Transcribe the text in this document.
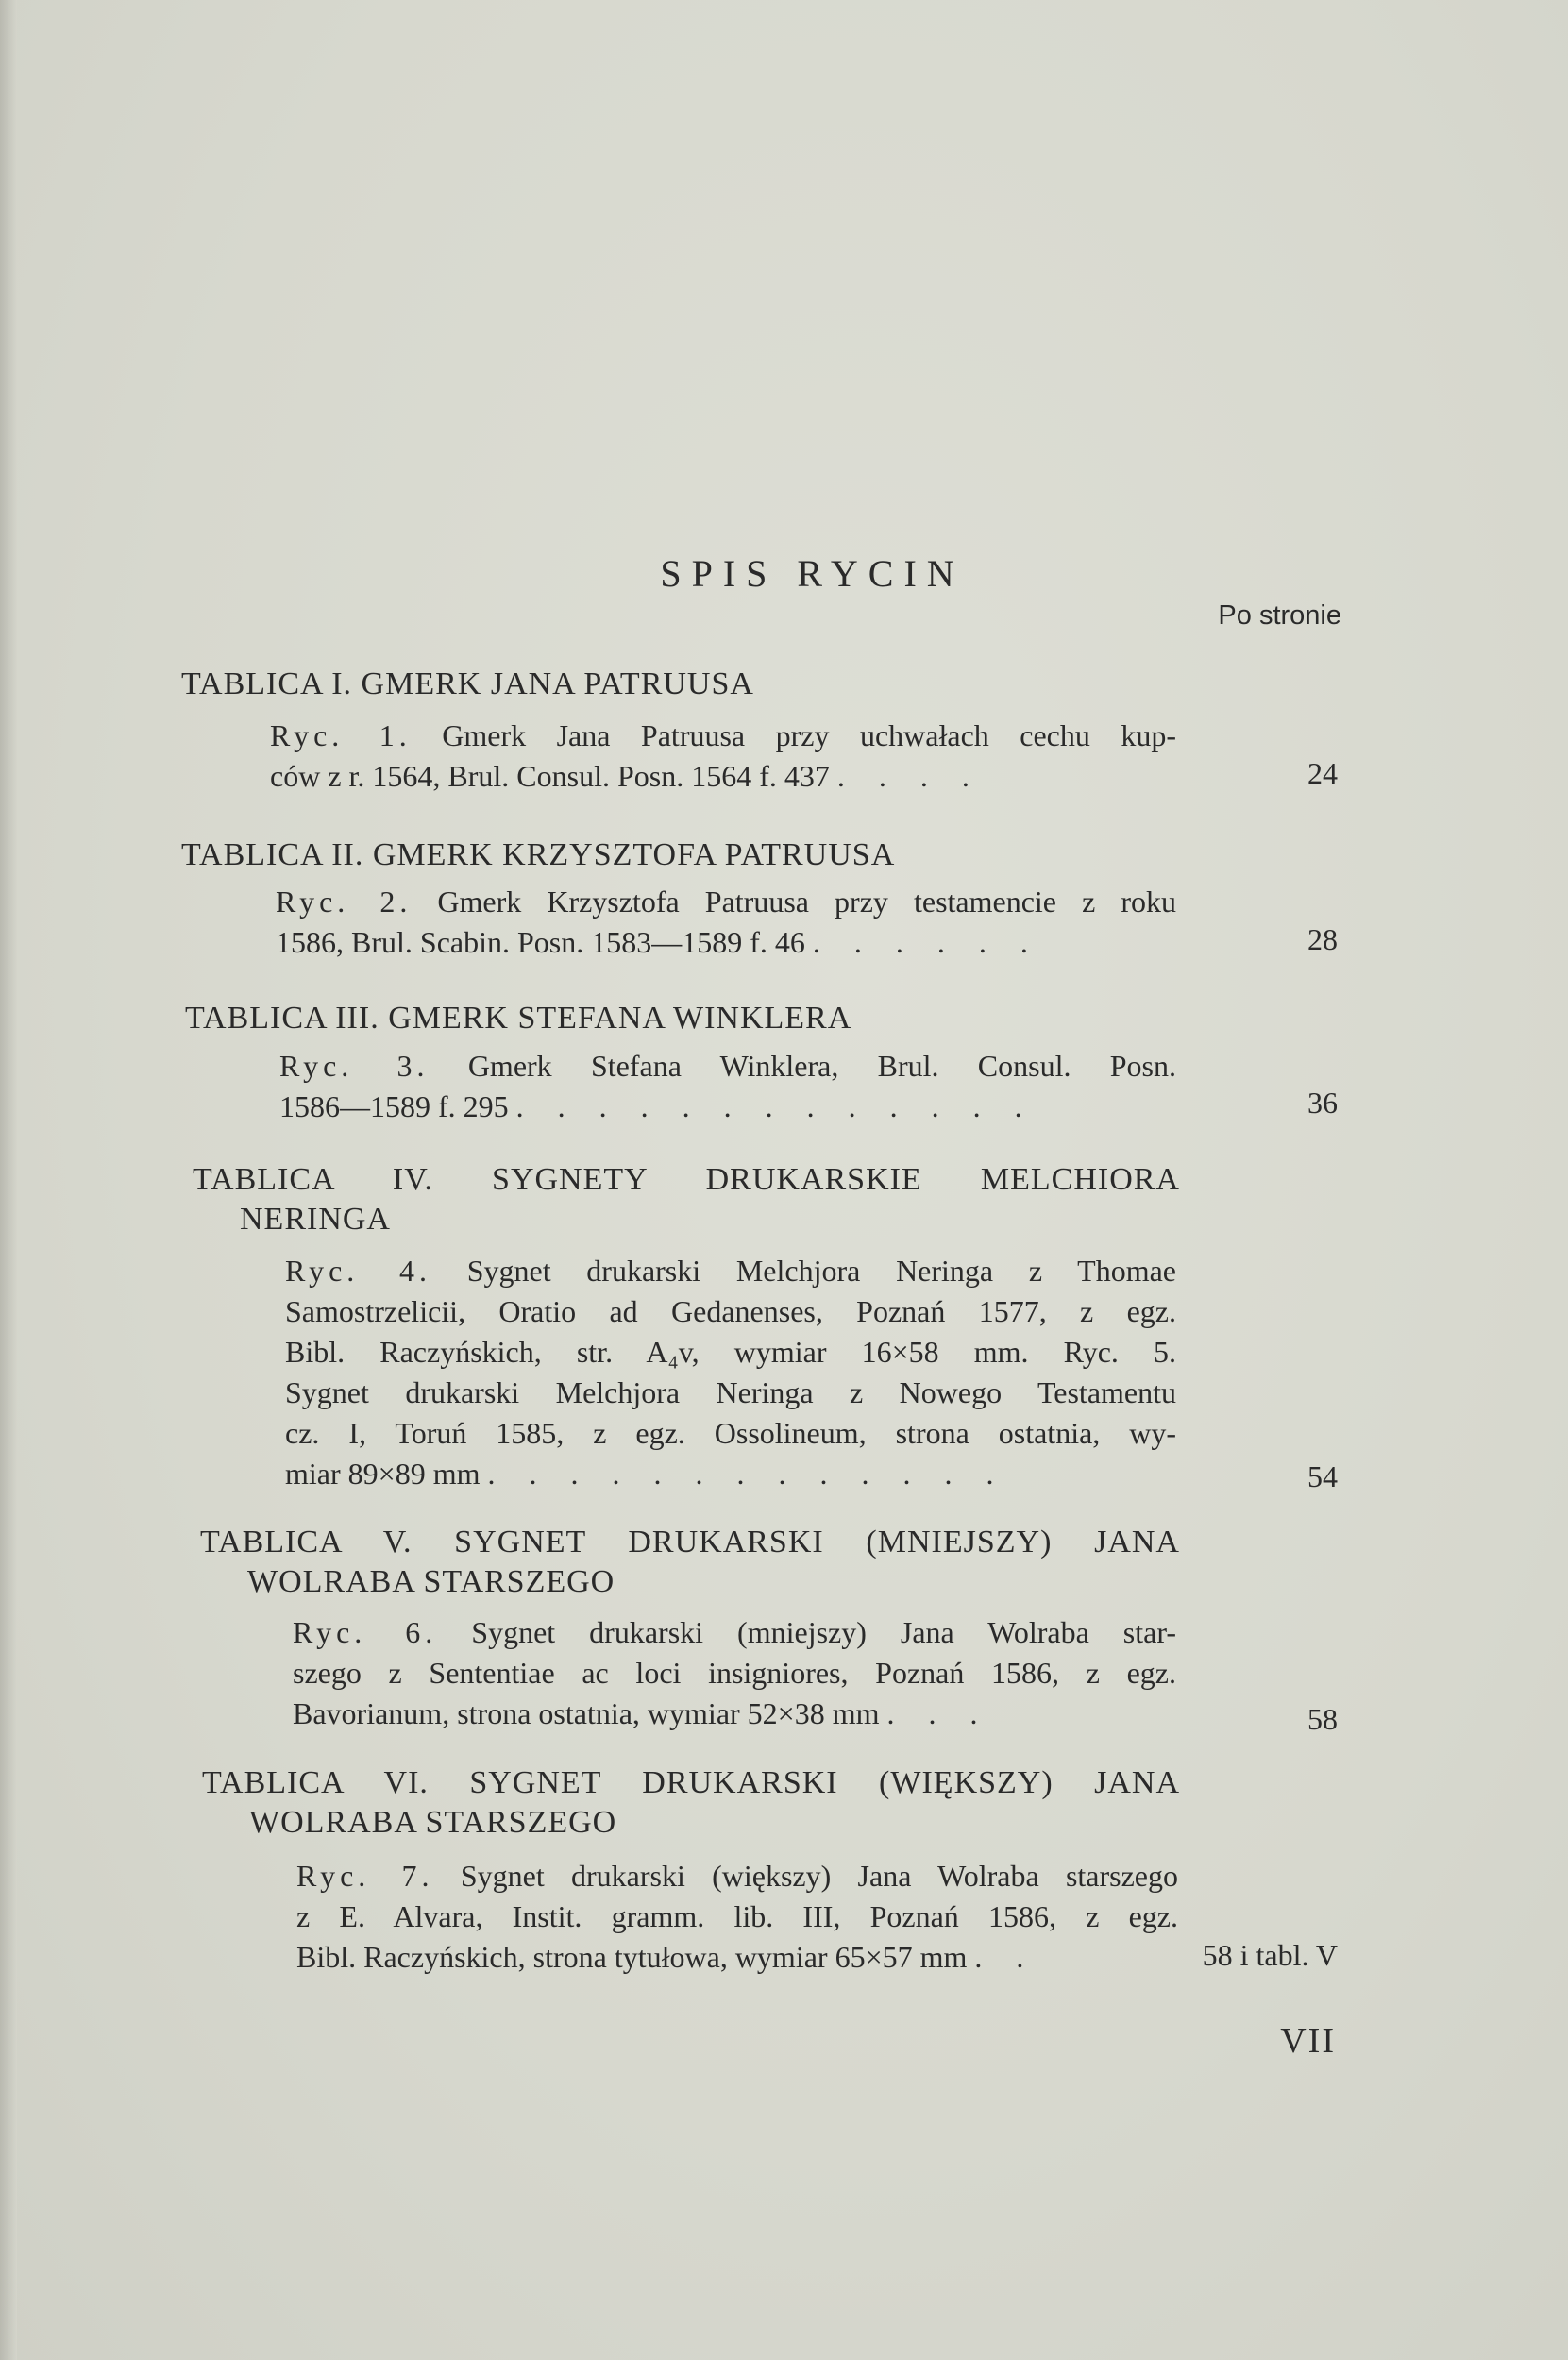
SPIS RYCIN
Po stronie
TABLICA I. GMERK JANA PATRUUSA
Ryc. 1. Gmerk Jana Patruusa przy uchwałach cechu kup-
ców z r. 1564, Brul. Consul. Posn. 1564 f. 437 . . . .	24
TABLICA II. GMERK KRZYSZTOFA PATRUUSA
Ryc. 2. Gmerk Krzysztofa Patruusa przy testamencie z roku
1586, Brul. Scabin. Posn. 1583—1589 f. 46 . . . . . .	28
TABLICA III. GMERK STEFANA WINKLERA
Ryc. 3. Gmerk Stefana Winklera, Brul. Consul. Posn.
1586—1589 f. 295 . . . . . . . . . . . . .	36
TABLICA IV. SYGNETY DRUKARSKIE MELCHIORA
NERINGA
Ryc. 4. Sygnet drukarski Melchjora Neringa z Thomae
Samostrzelicii, Oratio ad Gedanenses, Poznań 1577, z egz.
Bibl. Raczyńskich, str. A₄v, wymiar 16×58 mm. Ryc. 5.
Sygnet drukarski Melchjora Neringa z Nowego Testamentu
cz. I, Toruń 1585, z egz. Ossolineum, strona ostatnia, wy-
miar 89×89 mm . . . . . . . . . . . . .	54
TABLICA V. SYGNET DRUKARSKI (MNIEJSZY) JANA
WOLRABA STARSZEGO
Ryc. 6. Sygnet drukarski (mniejszy) Jana Wolraba star-
szego z Sententiae ac loci insigniores, Poznań 1586, z egz.
Bavorianum, strona ostatnia, wymiar 52×38 mm . . .	58
TABLICA VI. SYGNET DRUKARSKI (WIĘKSZY) JANA
WOLRABA STARSZEGO
Ryc. 7. Sygnet drukarski (większy) Jana Wolraba starszego
z E. Alvara, Instit. gramm. lib. III, Poznań 1586, z egz.
Bibl. Raczyńskich, strona tytułowa, wymiar 65×57 mm . .	58 i tabl. V
VII
